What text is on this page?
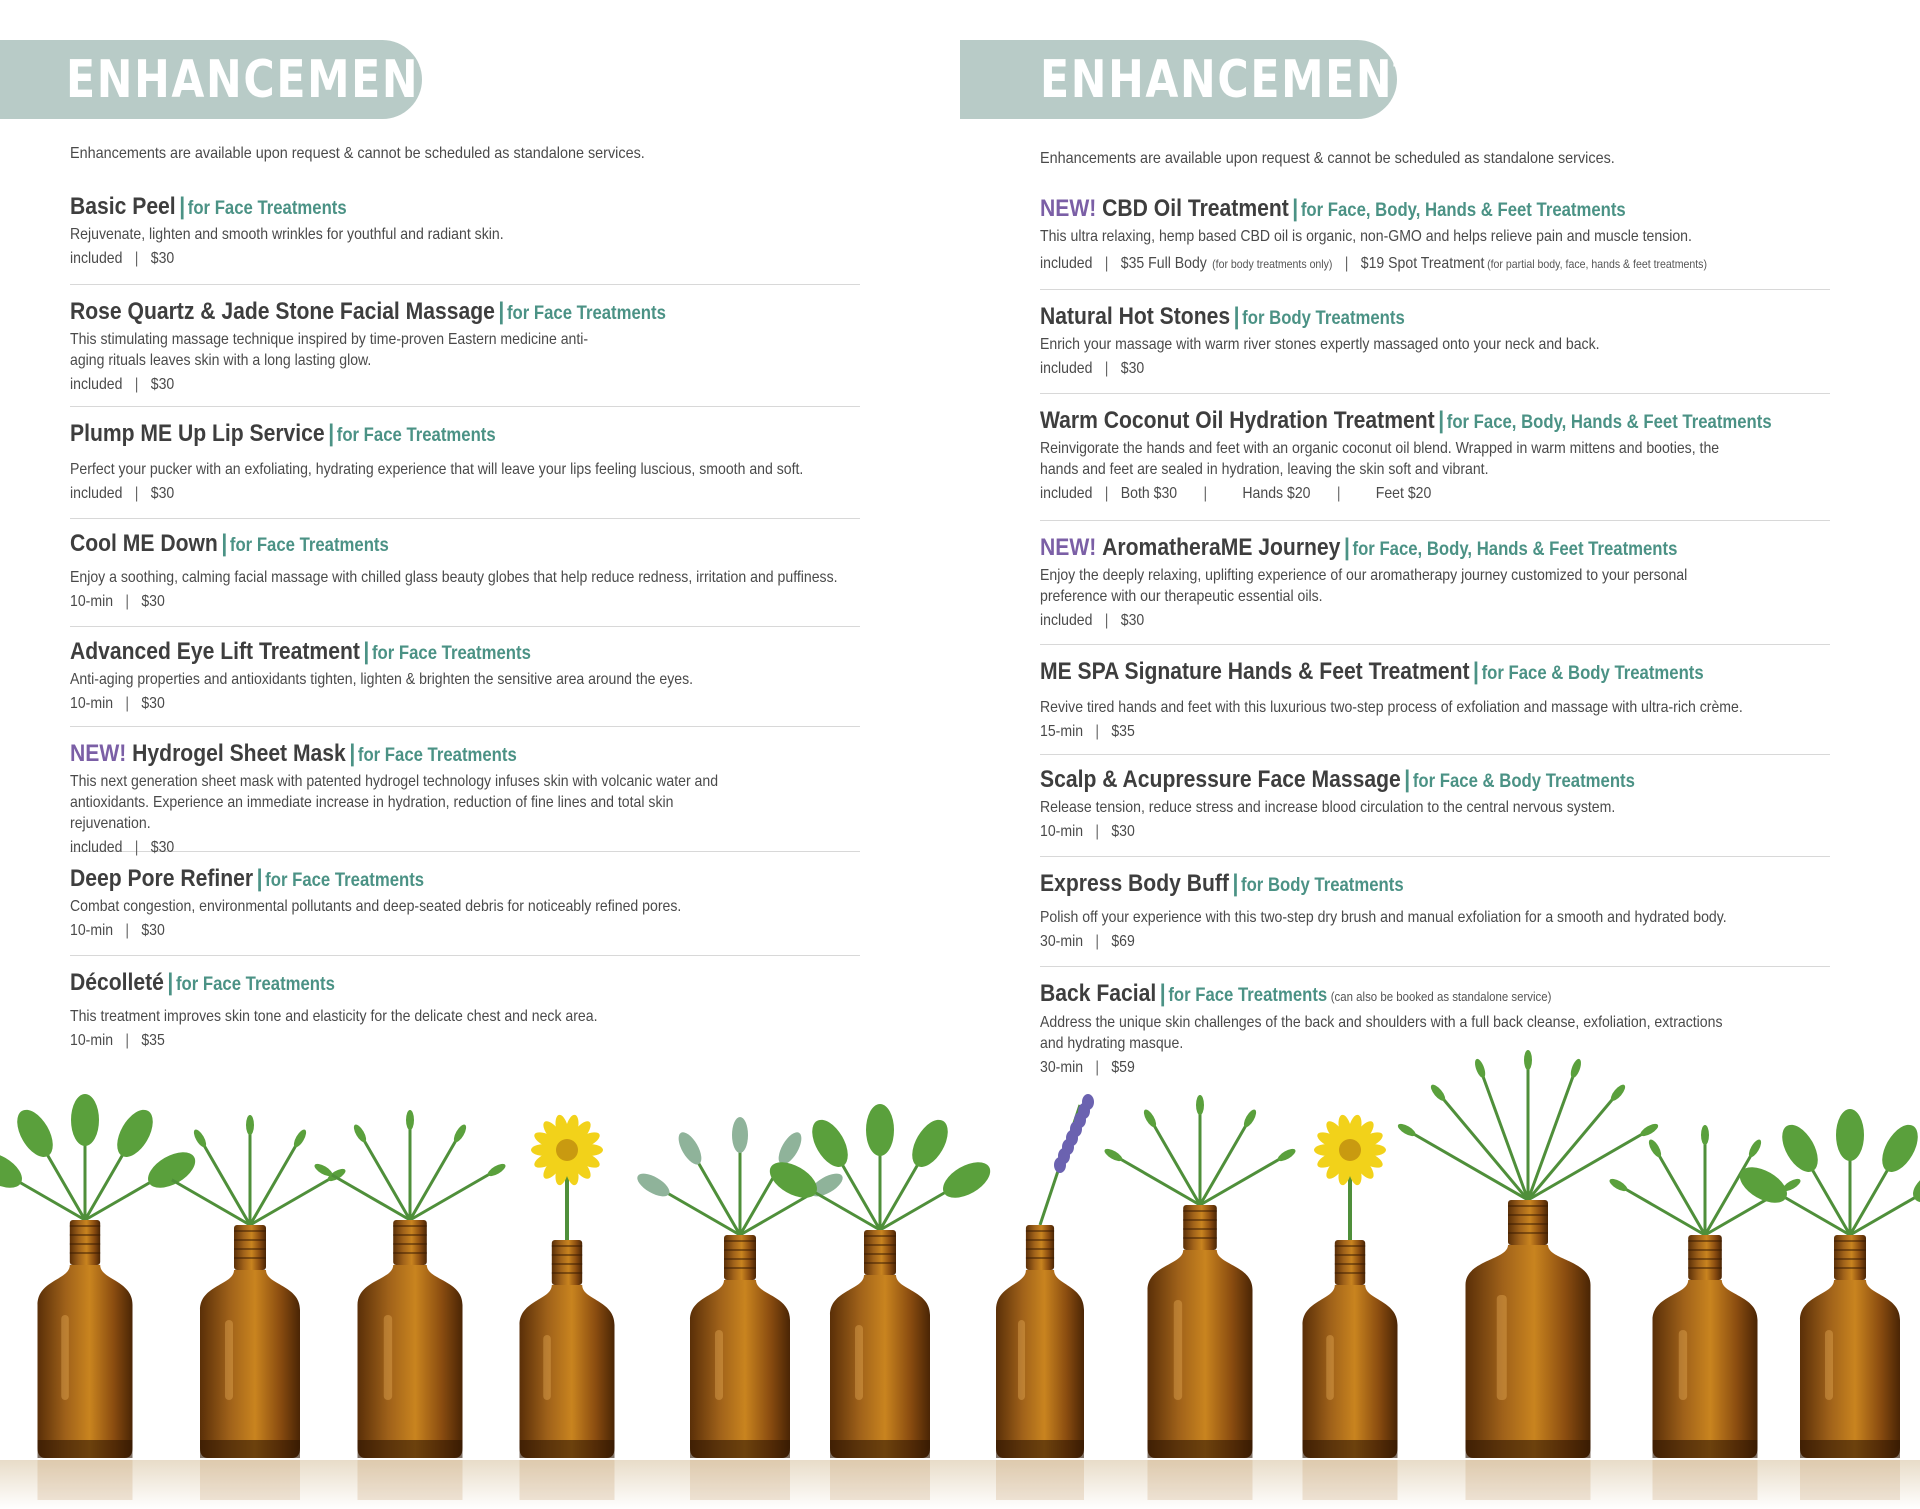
ENHANCEMENTS
Enhancements are available upon request & cannot be scheduled as standalone services.
Basic Peel | for Face Treatments
Rejuvenate, lighten and smooth wrinkles for youthful and radiant skin.
included | $30
Rose Quartz & Jade Stone Facial Massage | for Face Treatments
This stimulating massage technique inspired by time-proven Eastern medicine anti-aging rituals leaves skin with a long lasting glow.
included | $30
Plump ME Up Lip Service | for Face Treatments
Perfect your pucker with an exfoliating, hydrating experience that will leave your lips feeling luscious, smooth and soft.
included | $30
Cool ME Down | for Face Treatments
Enjoy a soothing, calming facial massage with chilled glass beauty globes that help reduce redness, irritation and puffiness.
10-min | $30
Advanced Eye Lift Treatment | for Face Treatments
Anti-aging properties and antioxidants tighten, lighten & brighten the sensitive area around the eyes.
10-min | $30
NEW! Hydrogel Sheet Mask | for Face Treatments
This next generation sheet mask with patented hydrogel technology infuses skin with volcanic water and antioxidants. Experience an immediate increase in hydration, reduction of fine lines and total skin rejuvenation.
included | $30
Deep Pore Refiner | for Face Treatments
Combat congestion, environmental pollutants and deep-seated debris for noticeably refined pores.
10-min | $30
Décolleté | for Face Treatments
This treatment improves skin tone and elasticity for the delicate chest and neck area.
10-min | $35
ENHANCEMENTS
Enhancements are available upon request & cannot be scheduled as standalone services.
NEW! CBD Oil Treatment | for Face, Body, Hands & Feet Treatments
This ultra relaxing, hemp based CBD oil is organic, non-GMO and helps relieve pain and muscle tension.
included | $35 Full Body (for body treatments only) | $19 Spot Treatment (for partial body, face, hands & feet treatments)
Natural Hot Stones | for Body Treatments
Enrich your massage with warm river stones expertly massaged onto your neck and back.
included | $30
Warm Coconut Oil Hydration Treatment | for Face, Body, Hands & Feet Treatments
Reinvigorate the hands and feet with an organic coconut oil blend. Wrapped in warm mittens and booties, the hands and feet are sealed in hydration, leaving the skin soft and vibrant.
included | Both $30 | Hands $20 | Feet $20
NEW! AromatheraME Journey | for Face, Body, Hands & Feet Treatments
Enjoy the deeply relaxing, uplifting experience of our aromatherapy journey customized to your personal preference with our therapeutic essential oils.
included | $30
ME SPA Signature Hands & Feet Treatment | for Face & Body Treatments
Revive tired hands and feet with this luxurious two-step process of exfoliation and massage with ultra-rich crème.
15-min | $35
Scalp & Acupressure Face Massage | for Face & Body Treatments
Release tension, reduce stress and increase blood circulation to the central nervous system.
10-min | $30
Express Body Buff | for Body Treatments
Polish off your experience with this two-step dry brush and manual exfoliation for a smooth and hydrated body.
30-min | $69
Back Facial | for Face Treatments (can also be booked as standalone service)
Address the unique skin challenges of the back and shoulders with a full back cleanse, exfoliation, extractions and hydrating masque.
30-min | $59
